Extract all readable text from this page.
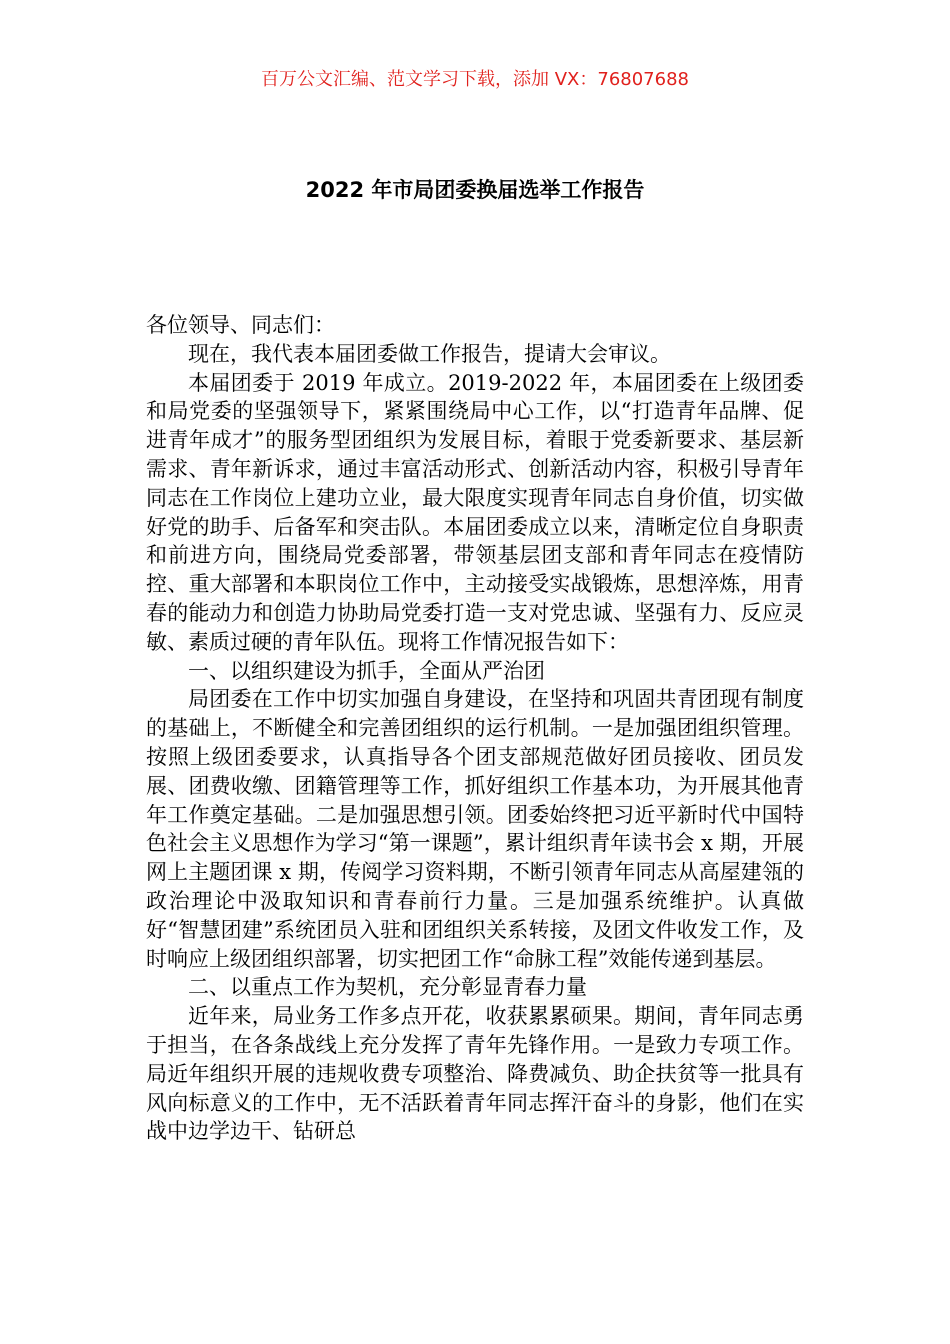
百万公文汇编、范文学习下载，添加 VX：76807688
2022 年市局团委换届选举工作报告

各位领导、同志们：

现在，我代表本届团委做工作报告，提请大会审议。

本届团委于 2019 年成立。2019-2022 年，本届团委在上级团委和局党委的坚强领导下，紧紧围绕局中心工作，以“打造青年品牌、促进青年成才”的服务型团组织为发展目标，着眼于党委新要求、基层新需求、青年新诉求，通过丰富活动形式、创新活动内容，积极引导青年同志在工作岗位上建功立业，最大限度实现青年同志自身价值，切实做好党的助手、后备军和突击队。本届团委成立以来，清晰定位自身职责和前进方向，围绕局党委部署，带领基层团支部和青年同志在疫情防控、重大部署和本职岗位工作中，主动接受实战锻炼，思想淬炼，用青春的能动力和创造力协助局党委打造一支对党忠诚、坚强有力、反应灵敏、素质过硬的青年队伍。现将工作情况报告如下：

一、以组织建设为抓手，全面从严治团

局团委在工作中切实加强自身建设，在坚持和巩固共青团现有制度的基础上，不断健全和完善团组织的运行机制。一是加强团组织管理。按照上级团委要求，认真指导各个团支部规范做好团员接收、团员发展、团费收缴、团籍管理等工作，抓好组织工作基本功，为开展其他青年工作奠定基础。二是加强思想引领。团委始终把习近平新时代中国特色社会主义思想作为学习“第一课题”，累计组织青年读书会 x 期，开展网上主题团课 x 期，传阅学习资料期，不断引领青年同志从高屋建瓴的政治理论中汲取知识和青春前行力量。三是加强系统维护。认真做好“智慧团建”系统团员入驻和团组织关系转接，及团文件收发工作，及时响应上级团组织部署，切实把团工作“命脉工程”效能传递到基层。

二、以重点工作为契机，充分彰显青春力量

近年来，局业务工作多点开花，收获累累硕果。期间，青年同志勇于担当，在各条战线上充分发挥了青年先锋作用。一是致力专项工作。局近年组织开展的违规收费专项整治、降费减负、助企扶贫等一批具有风向标意义的工作中，无不活跃着青年同志挥汗奋斗的身影，他们在实战中边学边干、钻研总
